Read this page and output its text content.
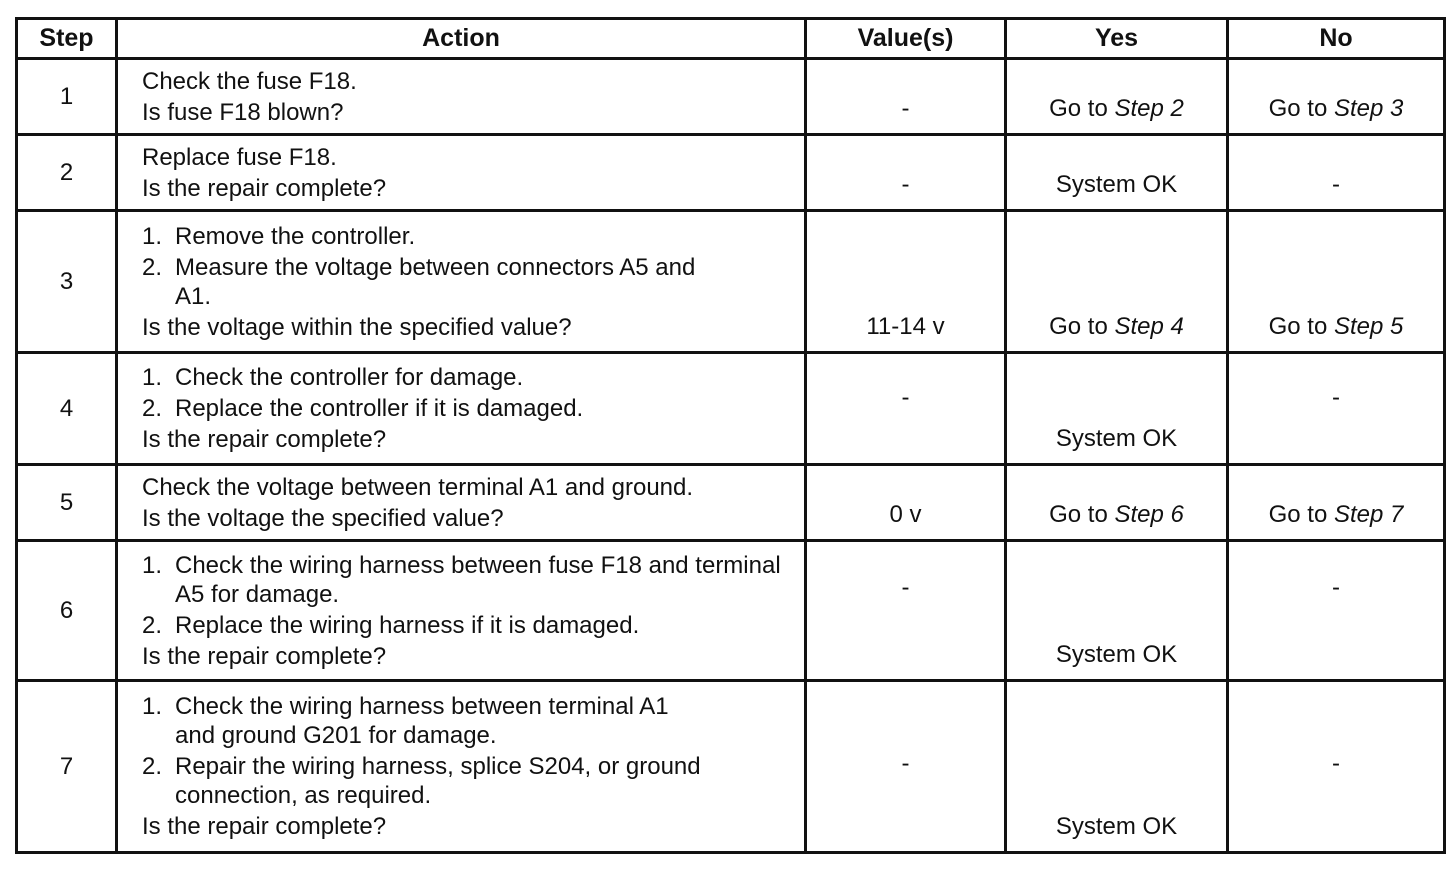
Step	Action	Value(s)	Yes	No
1	Check the fuse F18.
Is fuse F18 blown?	-	Go to Step 2	Go to Step 3

2	Replace fuse F18.
Is the repair complete?	-	System OK	-

3	1. Remove the controller.
2. Measure the voltage between connectors A5 and A1.
Is the voltage within the specified value?	11-14 v	Go to Step 4	Go to Step 5

4	1. Check the controller for damage.
2. Replace the controller if it is damaged.
Is the repair complete?	-	System OK	-

5	Check the voltage between terminal A1 and ground.
Is the voltage the specified value?	0 v	Go to Step 6	Go to Step 7

6	1. Check the wiring harness between fuse F18 and terminal A5 for damage.
2. Replace the wiring harness if it is damaged.
Is the repair complete?	-	System OK	-

7	1. Check the wiring harness between terminal A1 and ground G201 for damage.
2. Repair the wiring harness, splice S204, or ground connection, as required.
Is the repair complete?	-	System OK	-
